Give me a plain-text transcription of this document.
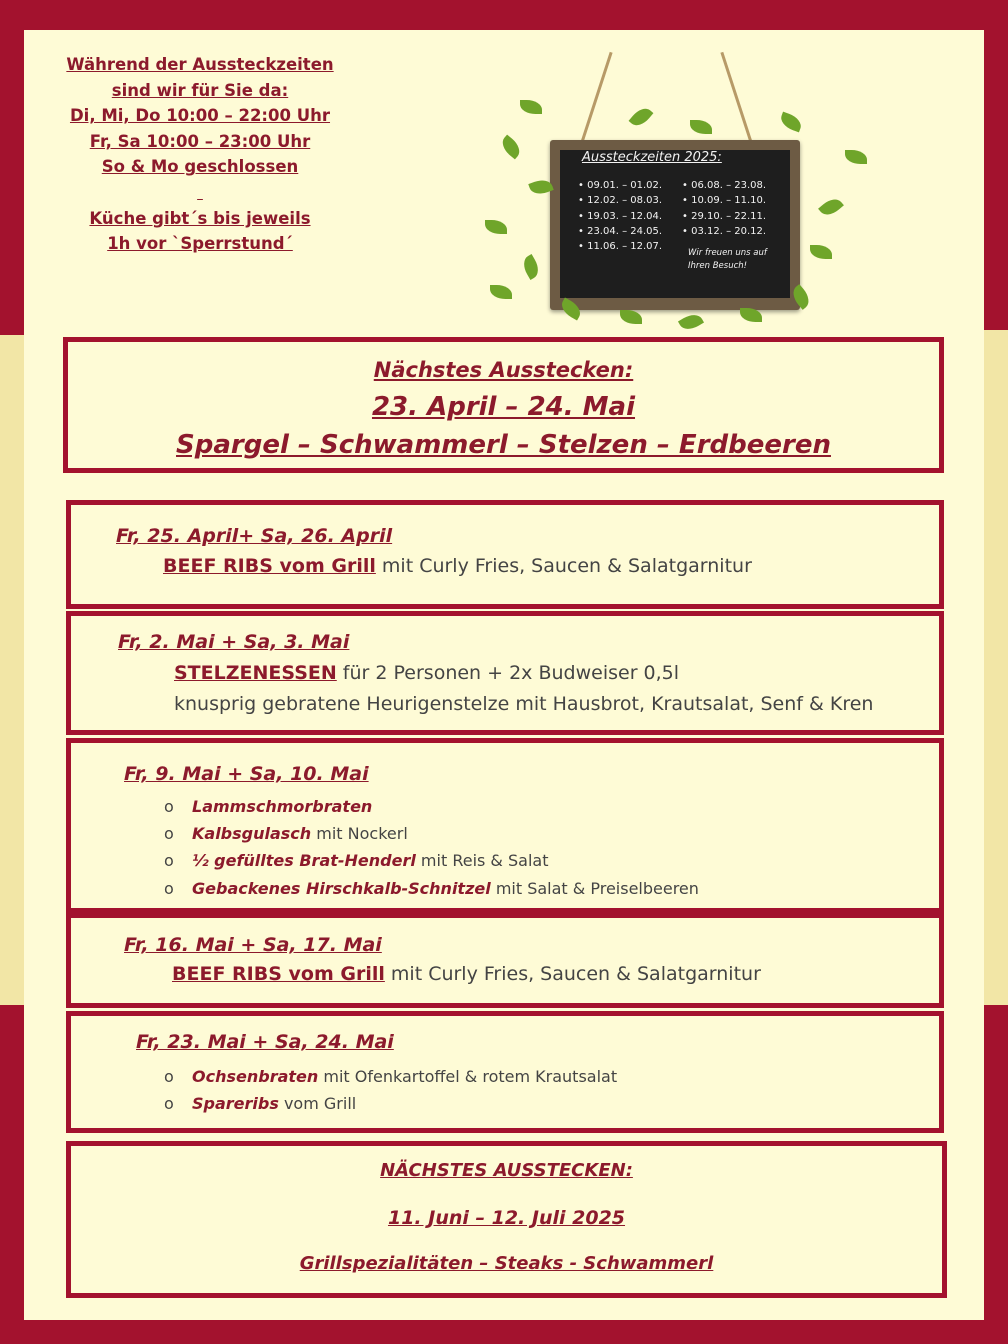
Während der Aussteckzeiten
sind wir für Sie da:
Di, Mi, Do 10:00 – 22:00 Uhr
Fr, Sa 10:00 – 23:00 Uhr
So & Mo geschlossen

Küche gibt´s bis jeweils
1h vor `Sperrstund´
Aussteckzeiten 2025:
• 09.01. – 01.02.
• 12.02. – 08.03.
• 19.03. – 12.04.
• 23.04. – 24.05.
• 11.06. – 12.07.
• 06.08. – 23.08.
• 10.09. – 11.10.
• 29.10. – 22.11.
• 03.12. – 20.12.
Wir freuen uns auf Ihren Besuch!
Nächstes Ausstecken:
23. April – 24. Mai
Spargel – Schwammerl – Stelzen – Erdbeeren
Fr, 25. April+ Sa, 26. April
BEEF RIBS vom Grill mit Curly Fries, Saucen & Salatgarnitur
Fr, 2. Mai + Sa, 3. Mai
STELZENESSEN für 2 Personen + 2x Budweiser 0,5l
knusprig gebratene Heurigenstelze mit Hausbrot, Krautsalat, Senf & Kren
Fr, 9. Mai + Sa, 10. Mai
o Lammschmorbraten
o Kalbsgulasch mit Nockerl
o ½ gefülltes Brat-Henderl mit Reis & Salat
o Gebackenes Hirschkalb-Schnitzel mit Salat & Preiselbeeren
Fr, 16. Mai + Sa, 17. Mai
BEEF RIBS vom Grill mit Curly Fries, Saucen & Salatgarnitur
Fr, 23. Mai + Sa, 24. Mai
o Ochsenbraten mit Ofenkartoffel & rotem Krautsalat
o Spareribs vom Grill
NÄCHSTES AUSSTECKEN:
11. Juni – 12. Juli 2025
Grillspezialitäten – Steaks - Schwammerl
